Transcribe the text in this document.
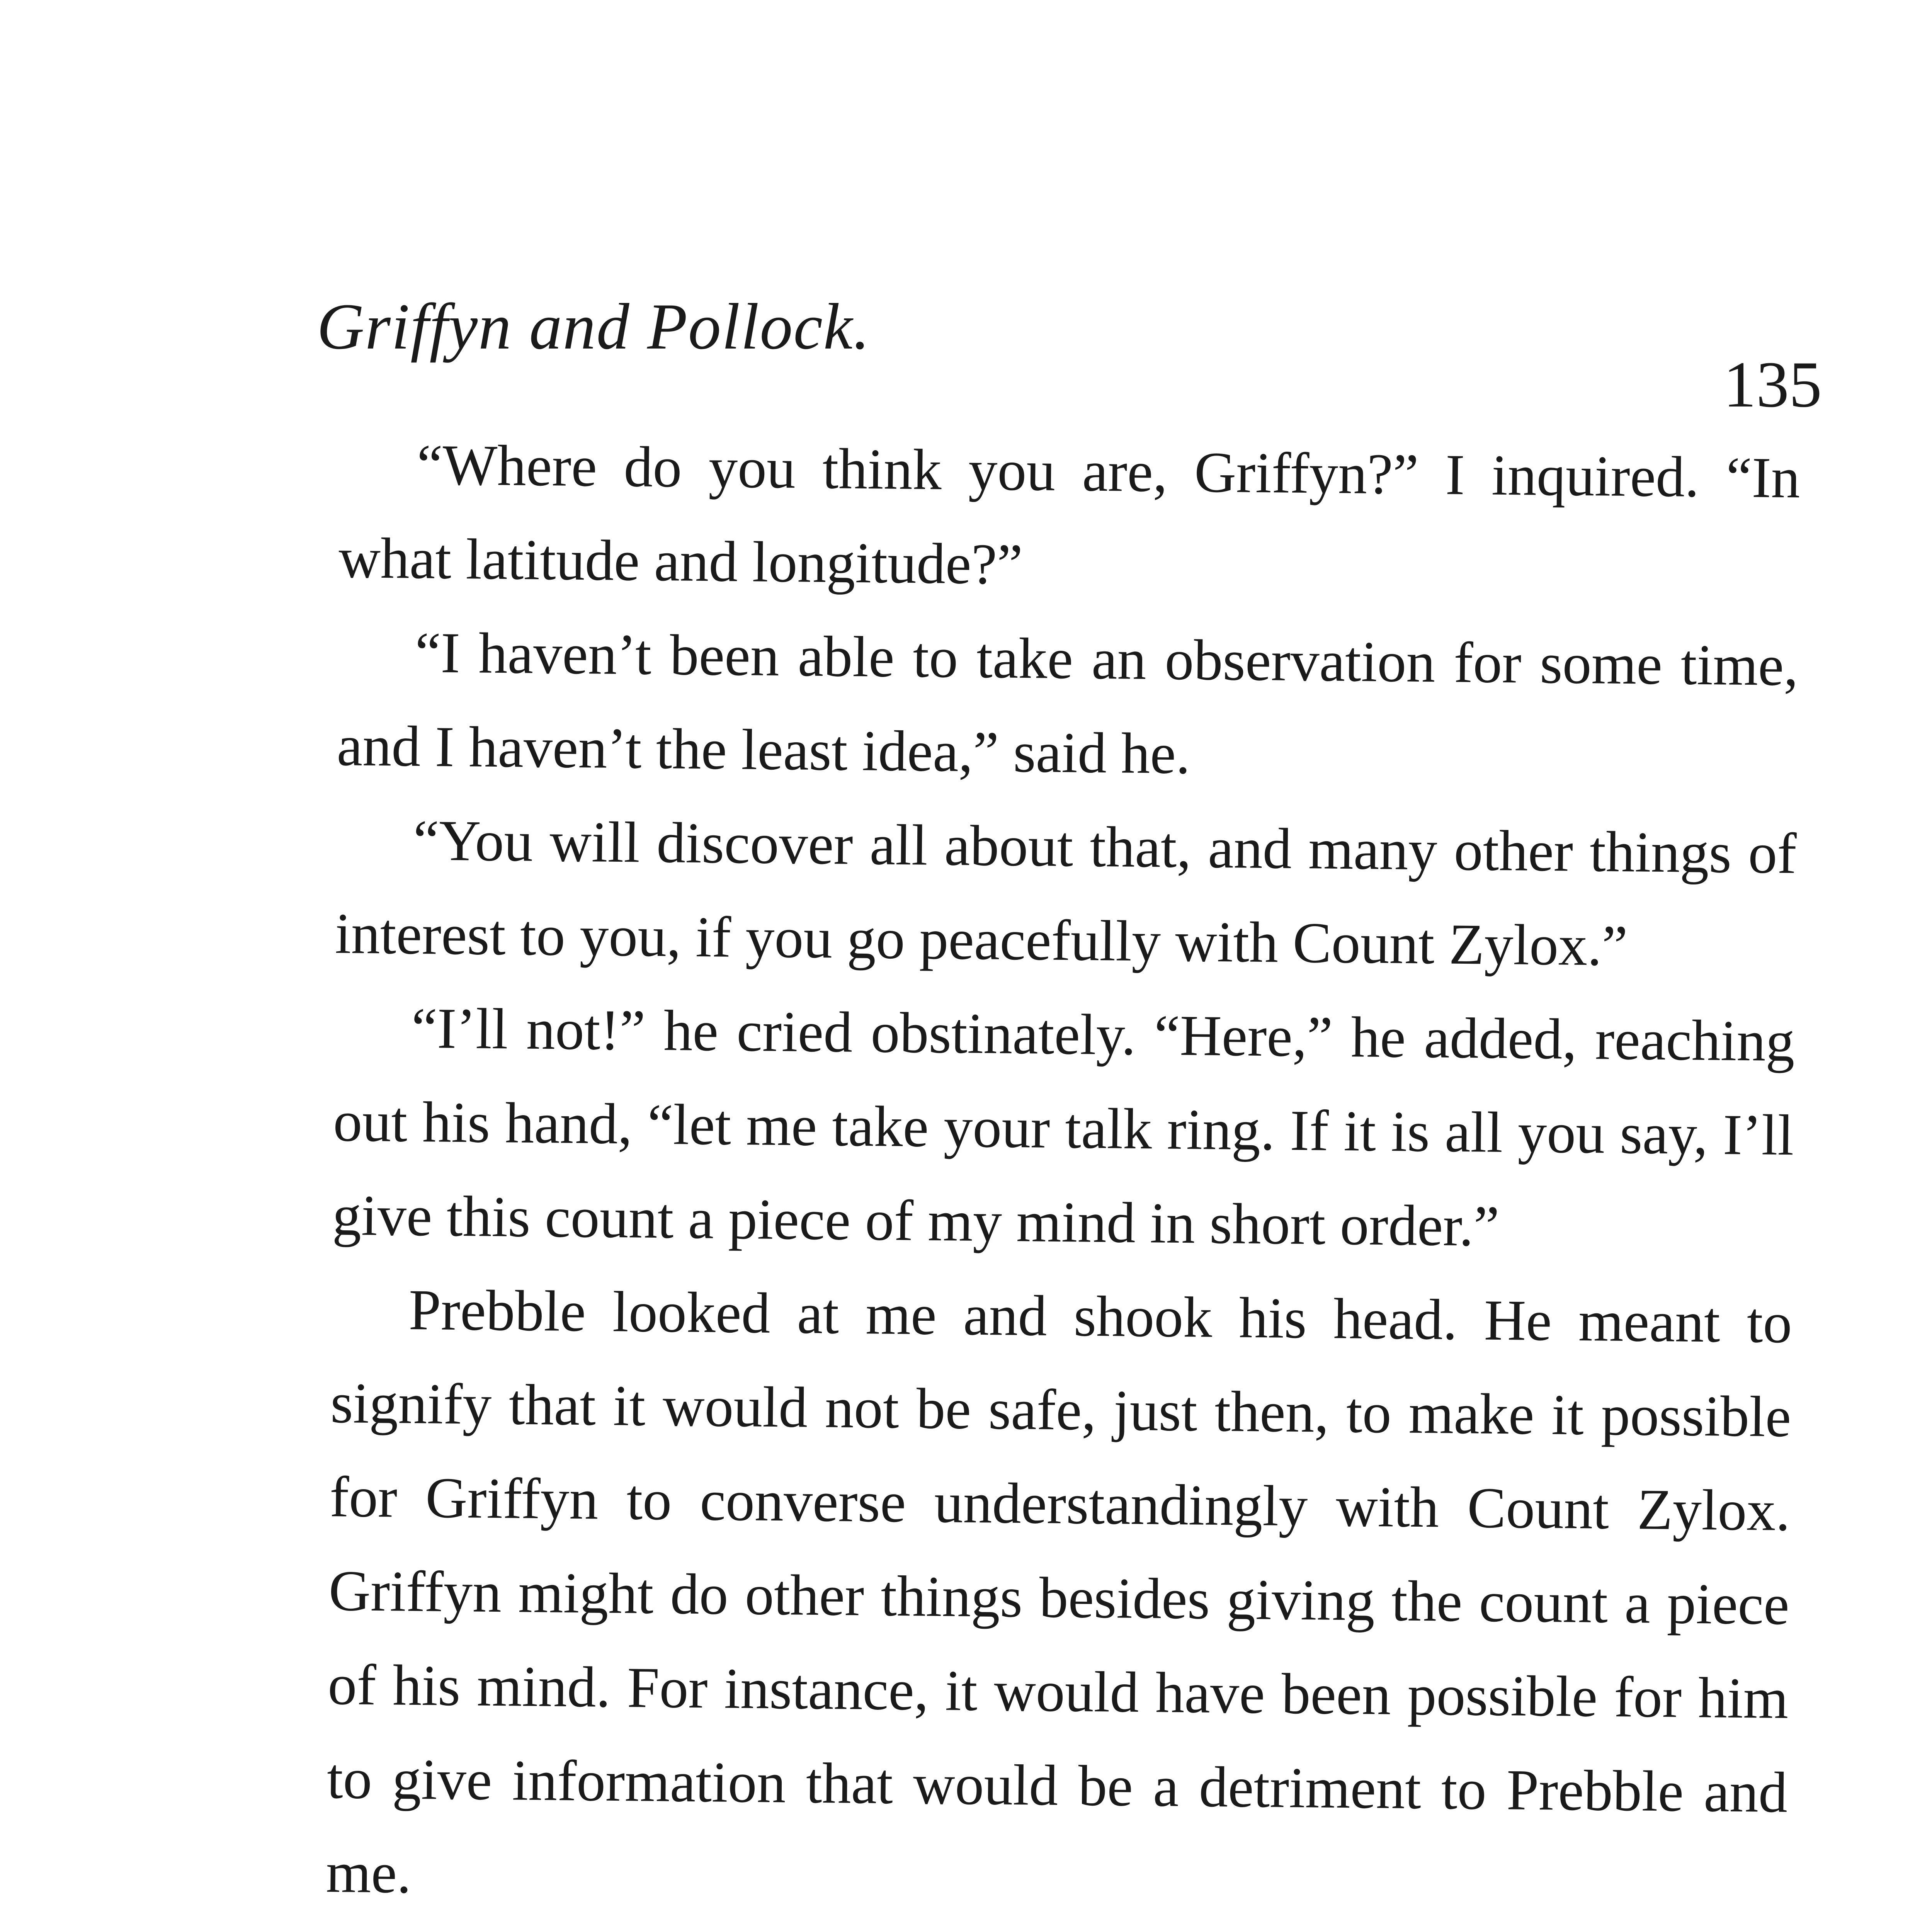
Griffyn and Pollock.
135

“Where do you think you are, Griffyn?” I inquired. “In what latitude and longitude?”

“I haven’t been able to take an observation for some time, and I haven’t the least idea,” said he.

“You will discover all about that, and many other things of interest to you, if you go peacefully with Count Zylox.”

“I’ll not!” he cried obstinately. “Here,” he added, reaching out his hand, “let me take your talk ring. If it is all you say, I’ll give this count a piece of my mind in short order.”

Prebble looked at me and shook his head. He meant to signify that it would not be safe, just then, to make it possible for Griffyn to converse understandingly with Count Zylox. Griffyn might do other things besides giving the count a piece of his mind. For instance, it would have been possible for him to give information that would be a detriment to Prebble and me.
